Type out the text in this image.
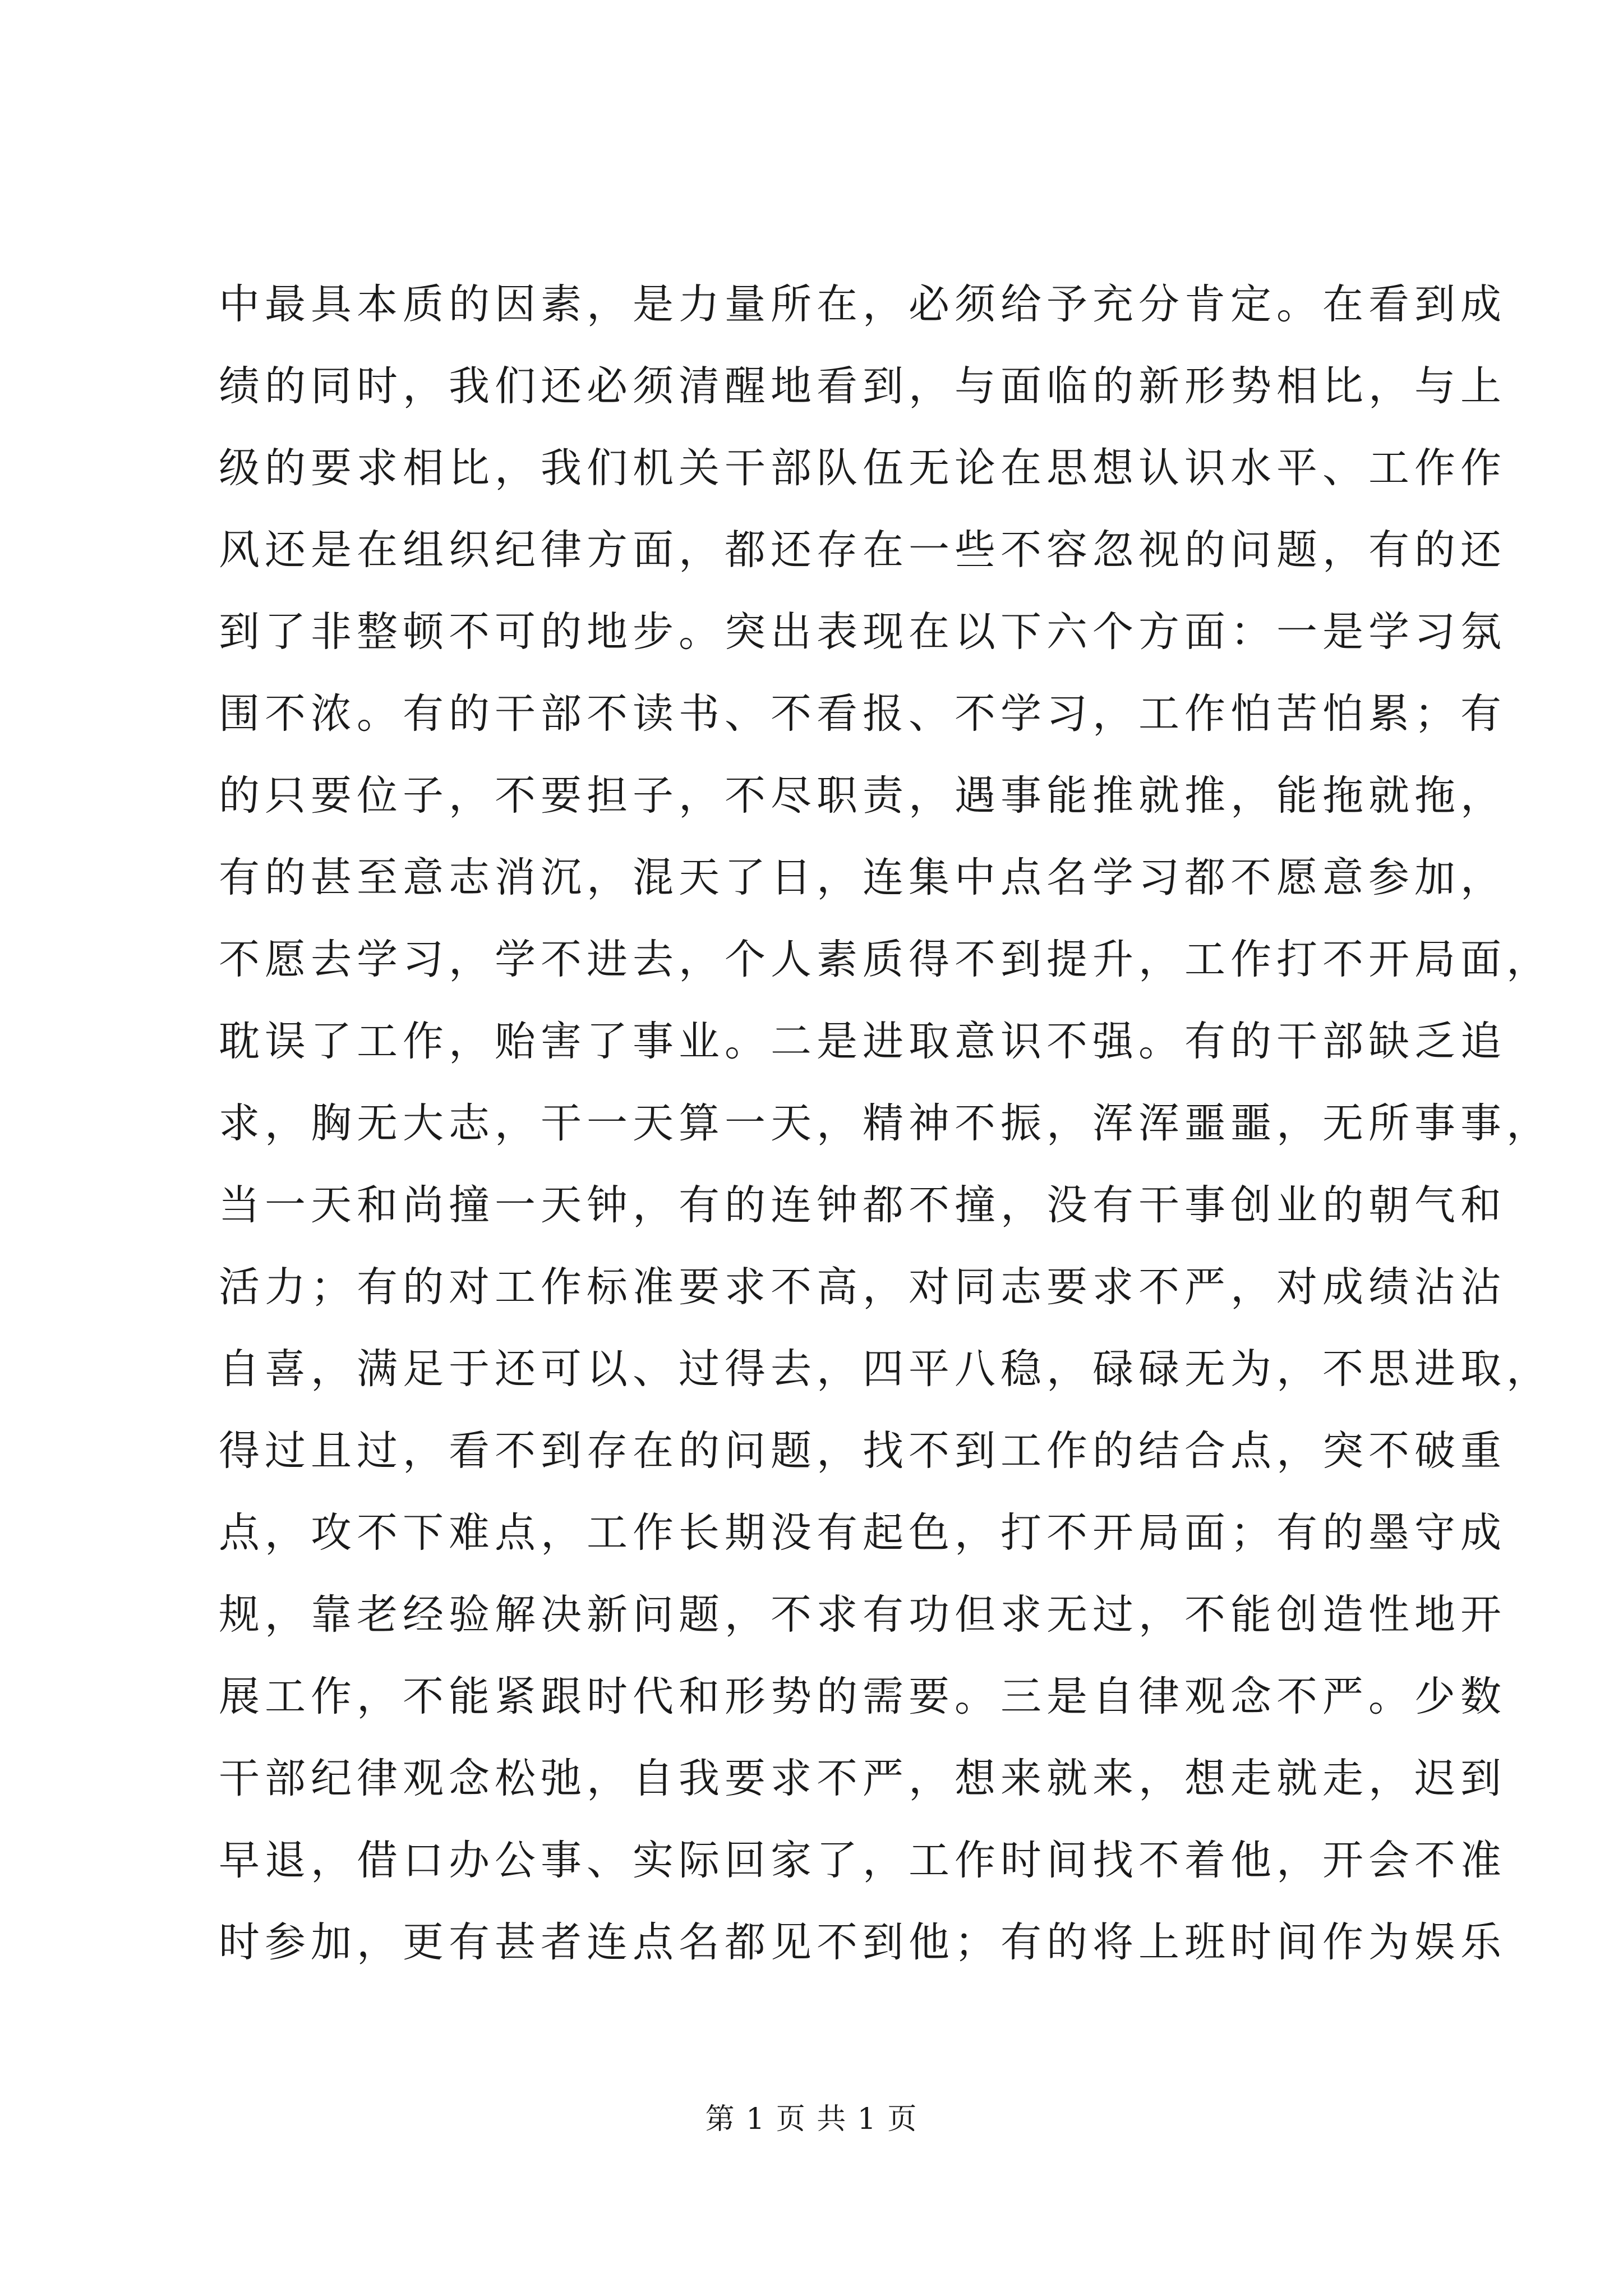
中最具本质的因素，是力量所在，必须给予充分肯定。在看到成
绩的同时，我们还必须清醒地看到，与面临的新形势相比，与上
级的要求相比，我们机关干部队伍无论在思想认识水平、工作作
风还是在组织纪律方面，都还存在一些不容忽视的问题，有的还
到了非整顿不可的地步。突出表现在以下六个方面：一是学习氛
围不浓。有的干部不读书、不看报、不学习，工作怕苦怕累；有
的只要位子，不要担子，不尽职责，遇事能推就推，能拖就拖，
有的甚至意志消沉，混天了日，连集中点名学习都不愿意参加，
不愿去学习，学不进去，个人素质得不到提升，工作打不开局面，
耽误了工作，贻害了事业。二是进取意识不强。有的干部缺乏追
求，胸无大志，干一天算一天，精神不振，浑浑噩噩，无所事事，
当一天和尚撞一天钟，有的连钟都不撞，没有干事创业的朝气和
活力；有的对工作标准要求不高，对同志要求不严，对成绩沾沾
自喜，满足于还可以、过得去，四平八稳，碌碌无为，不思进取，
得过且过，看不到存在的问题，找不到工作的结合点，突不破重
点，攻不下难点，工作长期没有起色，打不开局面；有的墨守成
规，靠老经验解决新问题，不求有功但求无过，不能创造性地开
展工作，不能紧跟时代和形势的需要。三是自律观念不严。少数
干部纪律观念松弛，自我要求不严，想来就来，想走就走，迟到
早退，借口办公事、实际回家了，工作时间找不着他，开会不准
时参加，更有甚者连点名都见不到他；有的将上班时间作为娱乐
第 1 页 共 1 页
